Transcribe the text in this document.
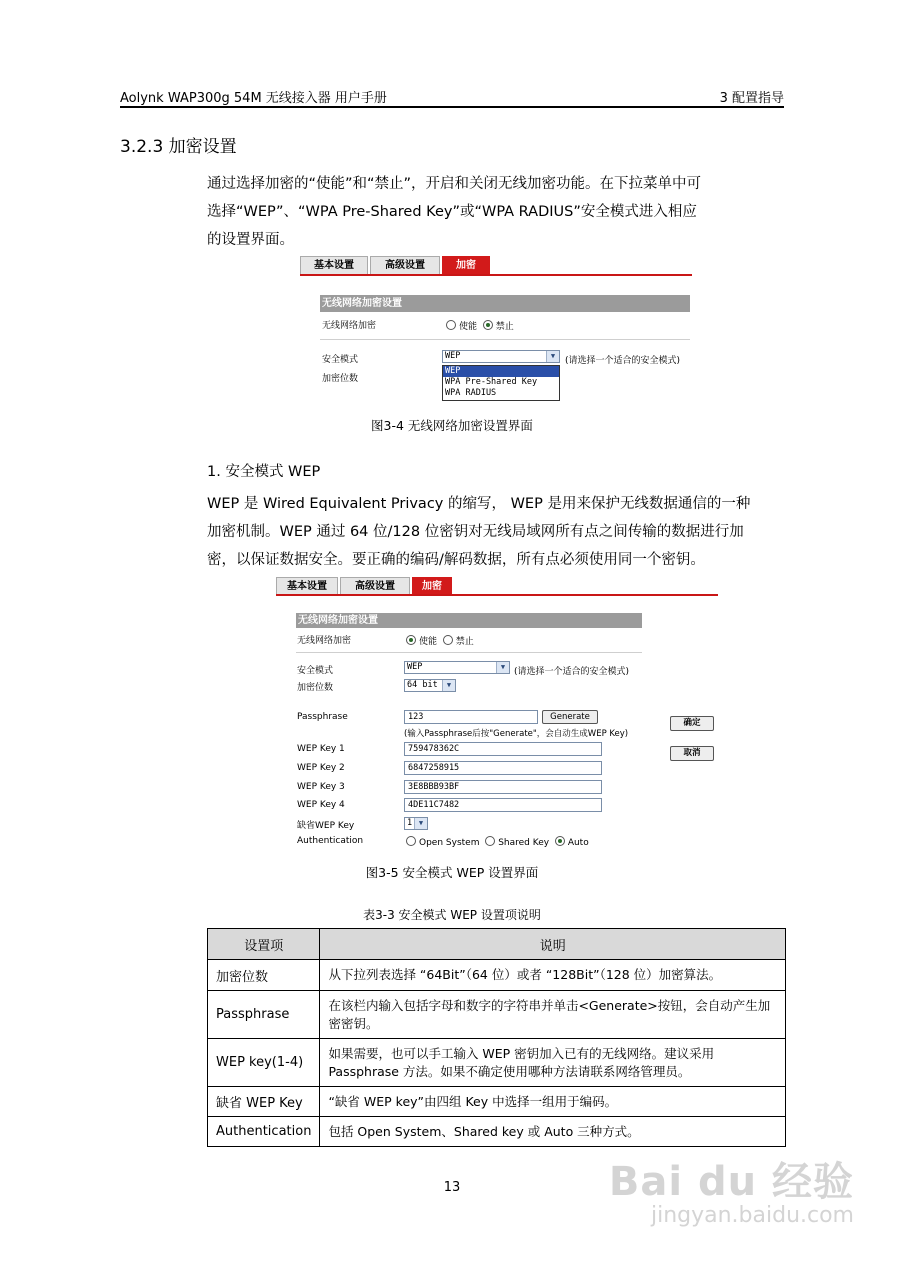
Aolynk WAP300g 54M 无线接入器 用户手册	3 配置指导
3.2.3 加密设置
通过选择加密的“使能”和“禁止”，开启和关闭无线加密功能。在下拉菜单中可
选择“WEP”、“WPA Pre-Shared Key”或“WPA RADIUS”安全模式进入相应
的设置界面。
基本设置	高级设置	加密
无线网络加密设置
无线网络加密	使能 禁止
安全模式	WEP	▼	(请选择一个适合的安全模式)
加密位数
WEP
WPA Pre-Shared Key
WPA RADIUS
图3-4 无线网络加密设置界面
1. 安全模式 WEP
WEP 是 Wired Equivalent Privacy 的缩写， WEP 是用来保护无线数据通信的一种
加密机制。WEP 通过 64 位/128 位密钥对无线局域网所有点之间传输的数据进行加
密，以保证数据安全。要正确的编码/解码数据，所有点必须使用同一个密钥。
基本设置	高级设置	加密
无线网络加密设置
无线网络加密	使能 禁止
安全模式	WEP	▼ (请选择一个适合的安全模式)
加密位数	64 bit	▼
Passphrase	123	Generate
(输入Passphrase后按"Generate"，会自动生成WEP Key)
WEP Key 1	759478362C
WEP Key 2	6847258915
WEP Key 3	3E8BBB93BF
WEP Key 4	4DE11C7482
缺省WEP Key	1 ▼
Authentication	Open System Shared Key Auto
确定
取消
图3-5 安全模式 WEP 设置界面
表3-3 安全模式 WEP 设置项说明
设置项	说明
加密位数	从下拉列表选择 “64Bit”（64 位）或者 “128Bit”（128 位）加密算法。
Passphrase	在该栏内输入包括字母和数字的字符串并单击<Generate>按钮，会自动产生加密密钥。
WEP key(1-4)	如果需要，也可以手工输入 WEP 密钥加入已有的无线网络。建议采用 Passphrase 方法。如果不确定使用哪种方法请联系网络管理员。
缺省 WEP Key	“缺省 WEP key”由四组 Key 中选择一组用于编码。
Authentication	包括 Open System、Shared key 或 Auto 三种方式。
13	Bai du 经验
jingyan.baidu.com
